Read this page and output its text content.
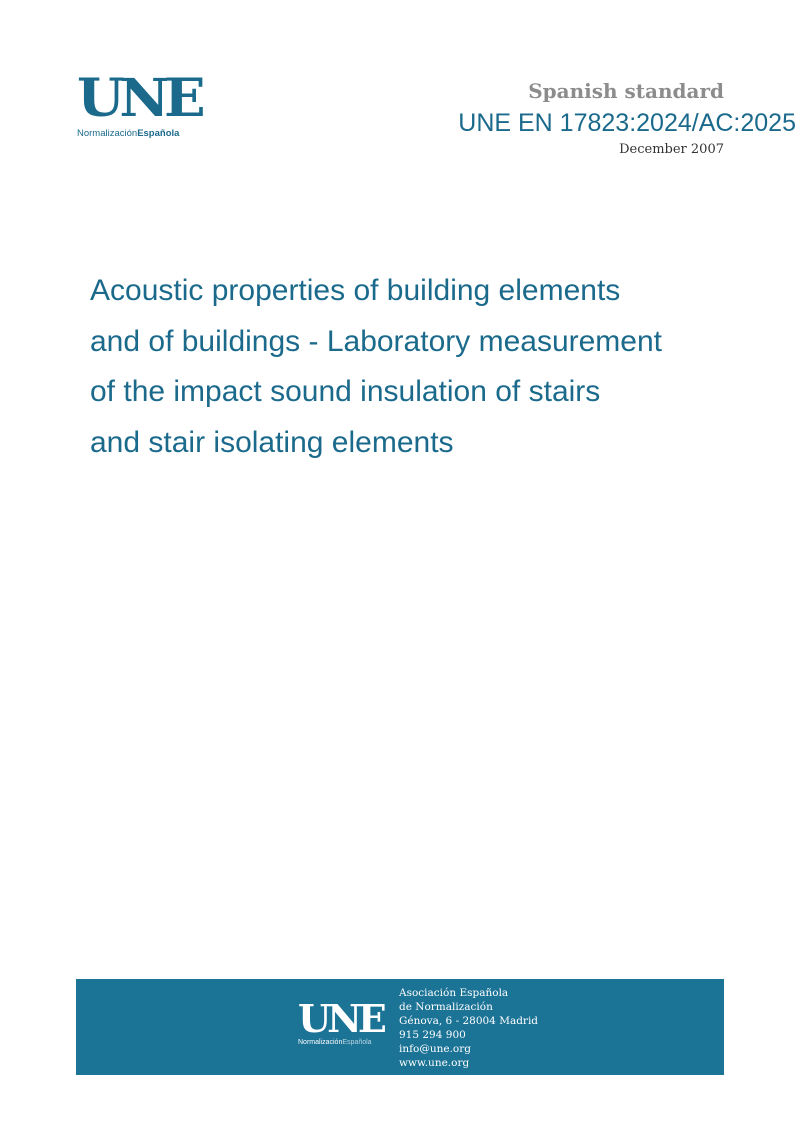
UNE
NormalizaciónEspañola
Spanish standard
UNE EN 17823:2024/AC:2025
December 2007
Acoustic properties of building elements
and of buildings - Laboratory measurement
of the impact sound insulation of stairs
and stair isolating elements
UNE
NormalizaciónEspañola
Asociación Española
de Normalización
Génova, 6 - 28004 Madrid
915 294 900
info@une.org
www.une.org
